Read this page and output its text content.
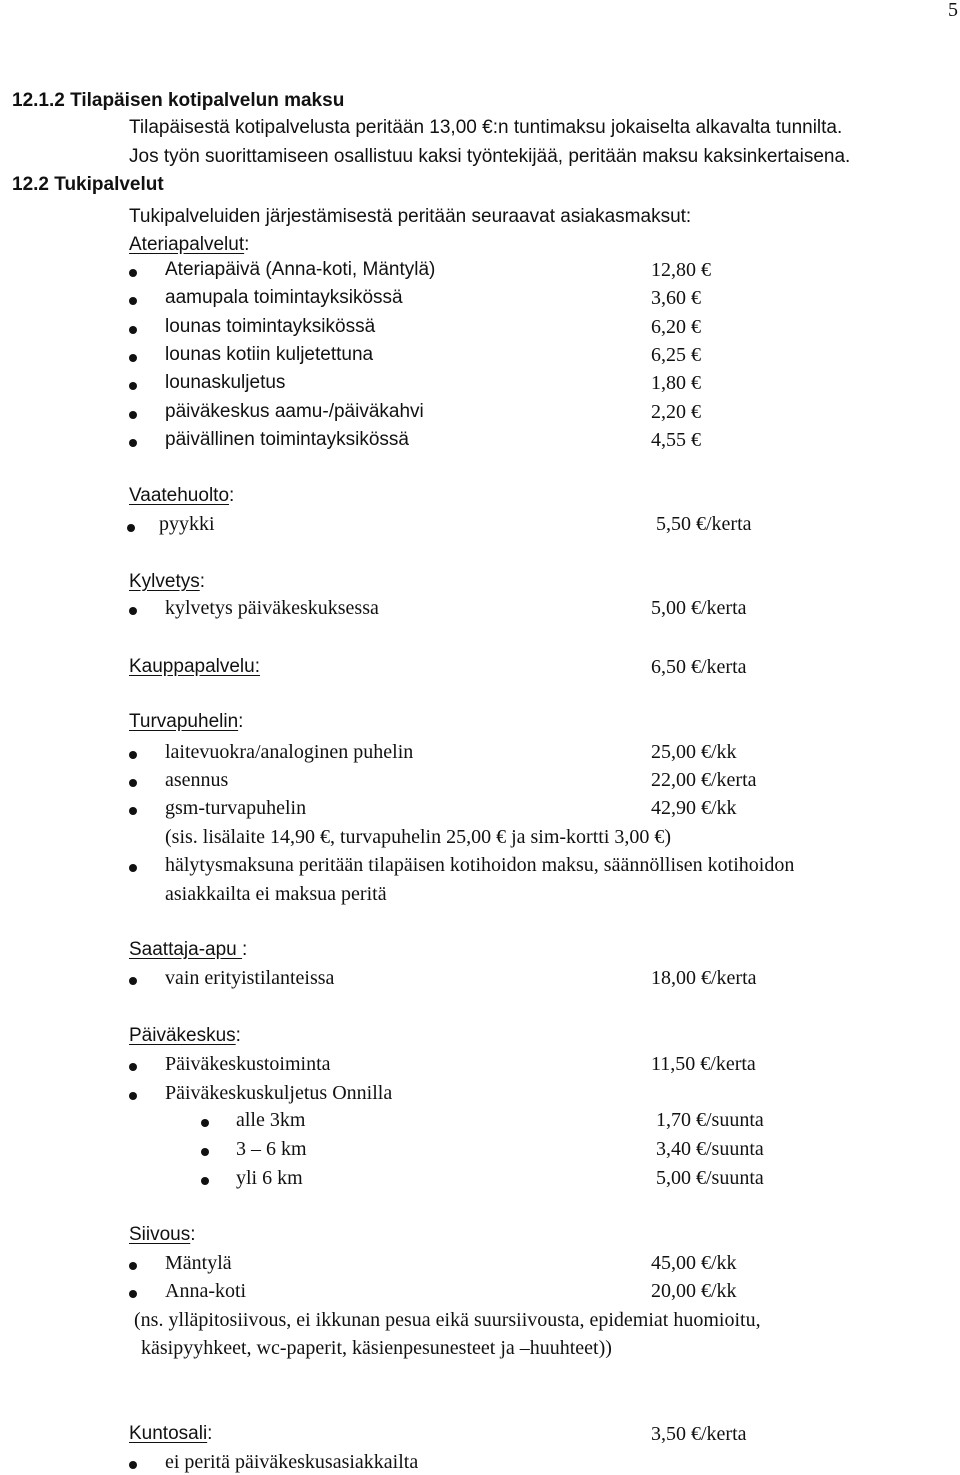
5
12.1.2 Tilapäisen kotipalvelun maksu
Tilapäisestä kotipalvelusta peritään 13,00 €:n tuntimaksu jokaiselta alkavalta tunnilta.
Jos työn suorittamiseen osallistuu kaksi työntekijää, peritään maksu kaksinkertaisena.
12.2 Tukipalvelut
Tukipalveluiden järjestämisestä peritään seuraavat asiakasmaksut:
Ateriapalvelut:
Ateriapäivä (Anna-koti, Mäntylä)	12,80 €
aamupala toimintayksikössä	3,60 €
lounas toimintayksikössä	6,20 €
lounas kotiin kuljetettuna	6,25 €
lounaskuljetus	1,80 €
päiväkeskus aamu-/päiväkahvi	2,20 €
päivällinen toimintayksikössä	4,55 €
Vaatehuolto:
pyykki	5,50 €/kerta
Kylvetys:
kylvetys päiväkeskuksessa	5,00 €/kerta
Kauppapalvelu:	6,50 €/kerta
Turvapuhelin:
laitevuokra/analoginen puhelin	25,00 €/kk
asennus	22,00 €/kerta
gsm-turvapuhelin	42,90 €/kk
(sis. lisälaite 14,90 €, turvapuhelin 25,00 € ja sim-kortti 3,00 €)
hälytysmaksuna peritään tilapäisen kotihoidon maksu, säännöllisen kotihoidon
asiakkailta ei maksua peritä
Saattaja-apu :
vain erityistilanteissa	18,00 €/kerta
Päiväkeskus:
Päiväkeskustoiminta	11,50 €/kerta
Päiväkeskuskuljetus Onnilla
alle 3km	1,70 €/suunta
3 – 6 km	3,40 €/suunta
yli 6 km	5,00 €/suunta
Siivous:
Mäntylä	45,00 €/kk
Anna-koti	20,00 €/kk
(ns. ylläpitosiivous, ei ikkunan pesua eikä suursiivousta, epidemiat huomioitu,
käsipyyhkeet, wc-paperit, käsienpesunesteet ja –huuhteet))
Kuntosali:	3,50 €/kerta
ei peritä päiväkeskusasiakkailta
